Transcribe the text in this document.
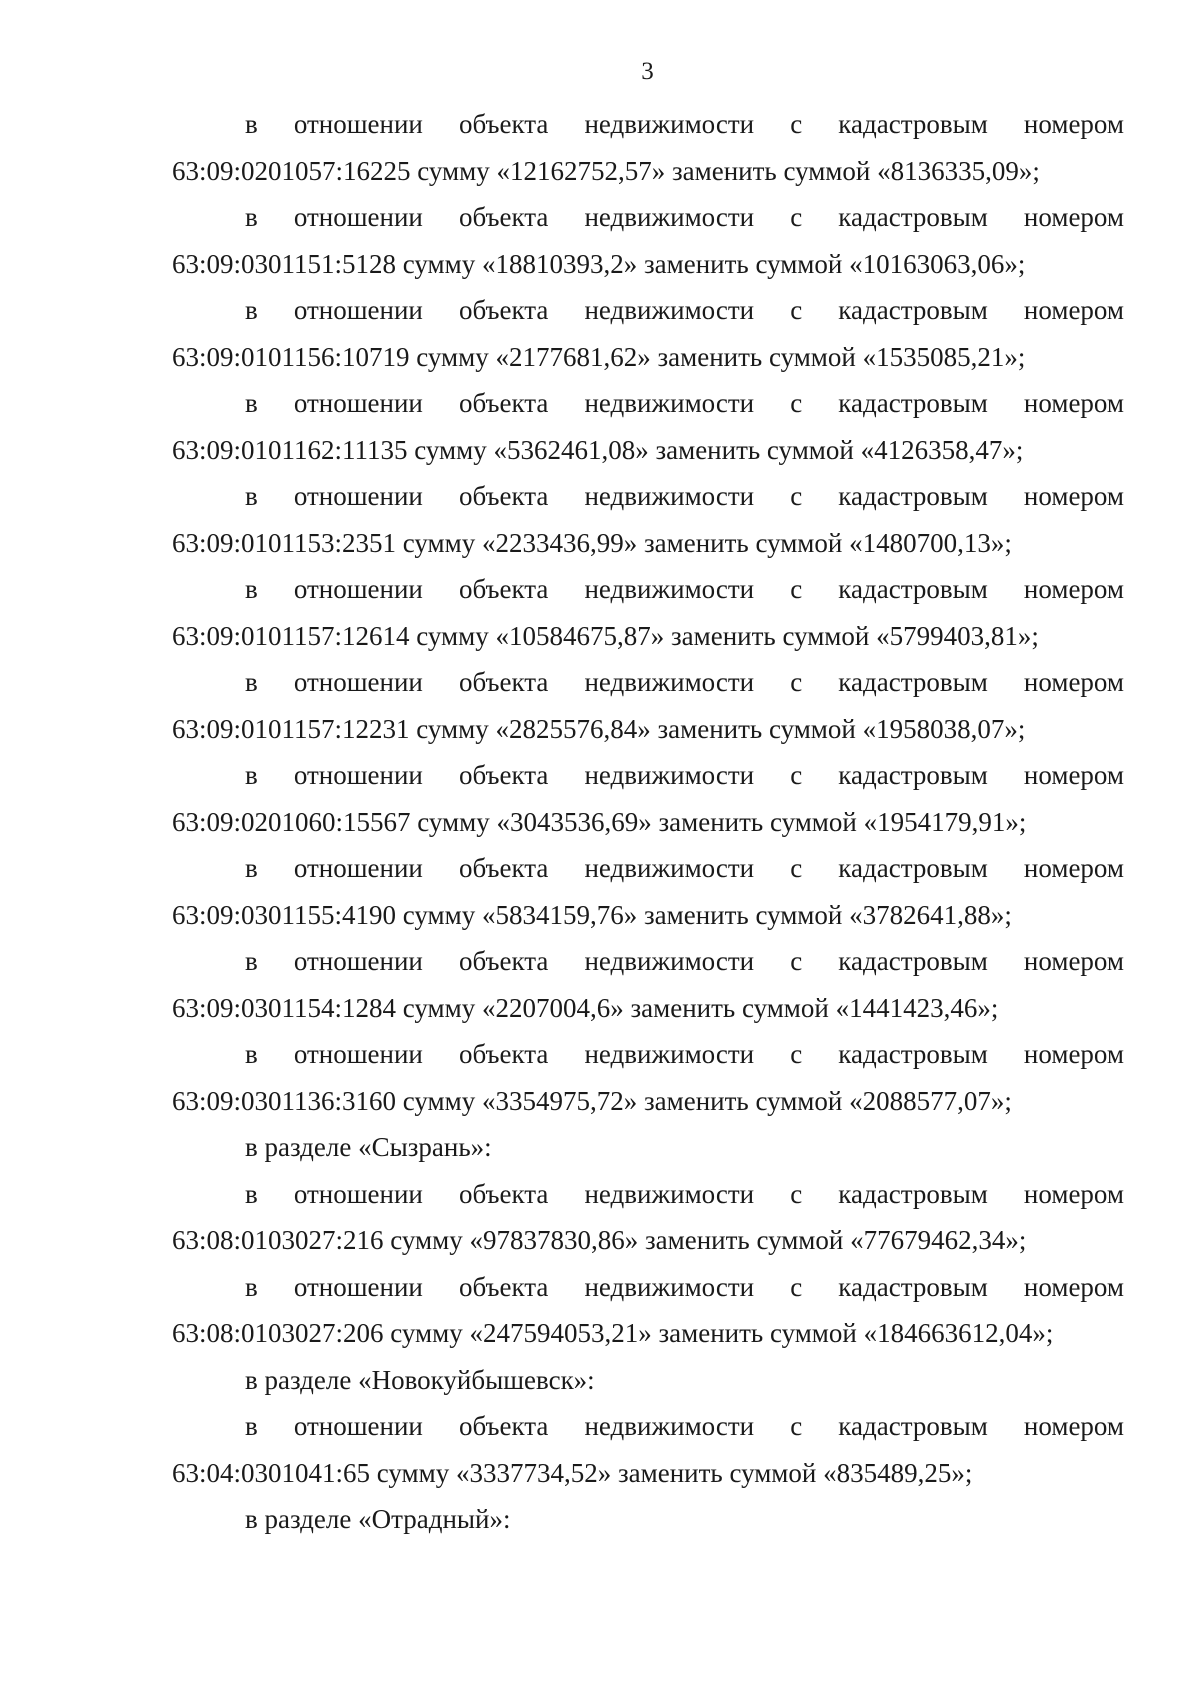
3
в отношении объекта недвижимости с кадастровым номером
63:09:0201057:16225 сумму «12162752,57» заменить суммой «8136335,09»;
в отношении объекта недвижимости с кадастровым номером
63:09:0301151:5128 сумму «18810393,2» заменить суммой «10163063,06»;
в отношении объекта недвижимости с кадастровым номером
63:09:0101156:10719 сумму «2177681,62» заменить суммой «1535085,21»;
в отношении объекта недвижимости с кадастровым номером
63:09:0101162:11135 сумму «5362461,08» заменить суммой «4126358,47»;
в отношении объекта недвижимости с кадастровым номером
63:09:0101153:2351 сумму «2233436,99» заменить суммой «1480700,13»;
в отношении объекта недвижимости с кадастровым номером
63:09:0101157:12614 сумму «10584675,87» заменить суммой «5799403,81»;
в отношении объекта недвижимости с кадастровым номером
63:09:0101157:12231 сумму «2825576,84» заменить суммой «1958038,07»;
в отношении объекта недвижимости с кадастровым номером
63:09:0201060:15567 сумму «3043536,69» заменить суммой «1954179,91»;
в отношении объекта недвижимости с кадастровым номером
63:09:0301155:4190 сумму «5834159,76» заменить суммой «3782641,88»;
в отношении объекта недвижимости с кадастровым номером
63:09:0301154:1284 сумму «2207004,6» заменить суммой «1441423,46»;
в отношении объекта недвижимости с кадастровым номером
63:09:0301136:3160 сумму «3354975,72» заменить суммой «2088577,07»;
в разделе «Сызрань»:
в отношении объекта недвижимости с кадастровым номером
63:08:0103027:216 сумму «97837830,86» заменить суммой «77679462,34»;
в отношении объекта недвижимости с кадастровым номером
63:08:0103027:206 сумму «247594053,21» заменить суммой «184663612,04»;
в разделе «Новокуйбышевск»:
в отношении объекта недвижимости с кадастровым номером
63:04:0301041:65 сумму «3337734,52» заменить суммой «835489,25»;
в разделе «Отрадный»:
